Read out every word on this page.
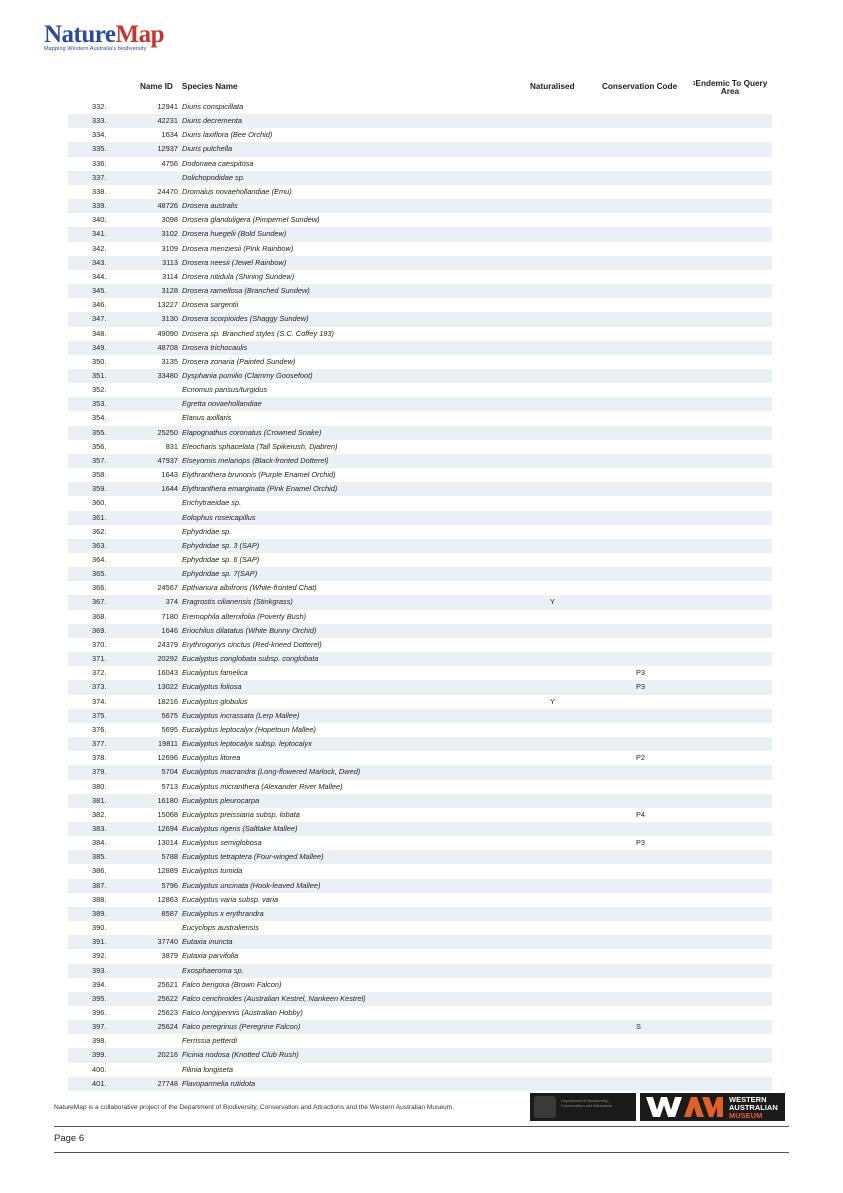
NatureMap
Mapping Western Australia's biodiversity
Name ID Species Name	Naturalised	Conservation Code	$^1$Endemic To Query
Area
332.	12941 Diuris conspicillata
333.	42231 Diuris decrementa
334.	1634 Diuris laxiflora (Bee Orchid)
335.	12937 Diuris pulchella
336.	4756 Dodonaea caespitosa
337.	Dolichopodidae sp.
338.	24470 Dromaius novaehollandiae (Emu)
339.	48726 Drosera australis
340.	3098 Drosera glanduligera (Pimpernel Sundew)
341.	3102 Drosera huegelii (Bold Sundew)
342.	3109 Drosera menziesii (Pink Rainbow)
343.	3113 Drosera neesii (Jewel Rainbow)
344.	3114 Drosera nitidula (Shining Sundew)
345.	3128 Drosera ramellosa (Branched Sundew)
346.	13227 Drosera sargentii
347.	3130 Drosera scorpioides (Shaggy Sundew)
348.	49090 Drosera sp. Branched styles (S.C. Coffey 193)
349.	48708 Drosera trichocaulis
350.	3135 Drosera zonaria (Painted Sundew)
351.	33480 Dysphania pumilio (Clammy Goosefoot)
352.	Ecnomus pansus/turgidus
353.	Egretta novaehollandiae
354.	Elanus axillaris
355.	25250 Elapognathus coronatus (Crowned Snake)
356.	831 Eleocharis sphacelata (Tall Spikerush, Djabren)
357.	47937 Elseyornis melanops (Black-fronted Dotterel)
358.	1643 Elythranthera brunonis (Purple Enamel Orchid)
359.	1644 Elythranthera emarginata (Pink Enamel Orchid)
360.	Enchytraeidae sp.
361.	Eolophus roseicapillus
362.	Ephydridae sp.
363.	Ephydridae sp. 3 (SAP)
364.	Ephydridae sp. 6 (SAP)
365.	Ephydridae sp. 7(SAP)
366.	24567 Epthianura albifrons (White-fronted Chat)
367.	374 Eragrostis cilianensis (Stinkgrass)	Y
368.	7180 Eremophila alternifolia (Poverty Bush)
369.	1646 Eriochilus dilatatus (White Bunny Orchid)
370.	24379 Erythrogonys cinctus (Red-kneed Dotterel)
371.	20292 Eucalyptus conglobata subsp. conglobata
372.	16043 Eucalyptus famelica	P3
373.	13022 Eucalyptus foliosa	P3
374.	18216 Eucalyptus globulus	Y
375.	5675 Eucalyptus incrassata (Lerp Mallee)
376.	5695 Eucalyptus leptocalyx (Hopetoun Mallee)
377.	19811 Eucalyptus leptocalyx subsp. leptocalyx
378.	12696 Eucalyptus litorea	P2
379.	5704 Eucalyptus macrandra (Long-flowered Marlock, Dwed)
380.	5713 Eucalyptus micranthera (Alexander River Mallee)
381.	16180 Eucalyptus pleurocarpa
382.	15068 Eucalyptus preissiana subsp. lobata	P4
383.	12694 Eucalyptus rigens (Saltlake Mallee)
384.	13014 Eucalyptus semiglobosa	P3
385.	5788 Eucalyptus tetraptera (Four-winged Mallee)
386.	12889 Eucalyptus tumida
387.	5796 Eucalyptus uncinata (Hook-leaved Mallee)
388.	12863 Eucalyptus varia subsp. varia
389.	8587 Eucalyptus x erythrandra
390.	Eucyclops australiensis
391.	37740 Eutaxia inuncta
392.	3879 Eutaxia parvifolia
393.	Exosphaeroma sp.
394.	25621 Falco berigora (Brown Falcon)
395.	25622 Falco cenchroides (Australian Kestrel, Nankeen Kestrel)
396.	25623 Falco longipennis (Australian Hobby)
397.	25624 Falco peregrinus (Peregrine Falcon)	S
398.	Ferrissia petterdi
399.	20216 Ficinia nodosa (Knotted Club Rush)
400.	Filinia longiseta
401.	27748 Flavoparmelia rutidota
NatureMap is a collaborative project of the Department of Biodiversity, Conservation and Attractions and the Western Australian Museum.
Department of Biodiversity, Conservation and Attractions
WESTERN
AUSTRALIAN
MUSEUM
Page 6
